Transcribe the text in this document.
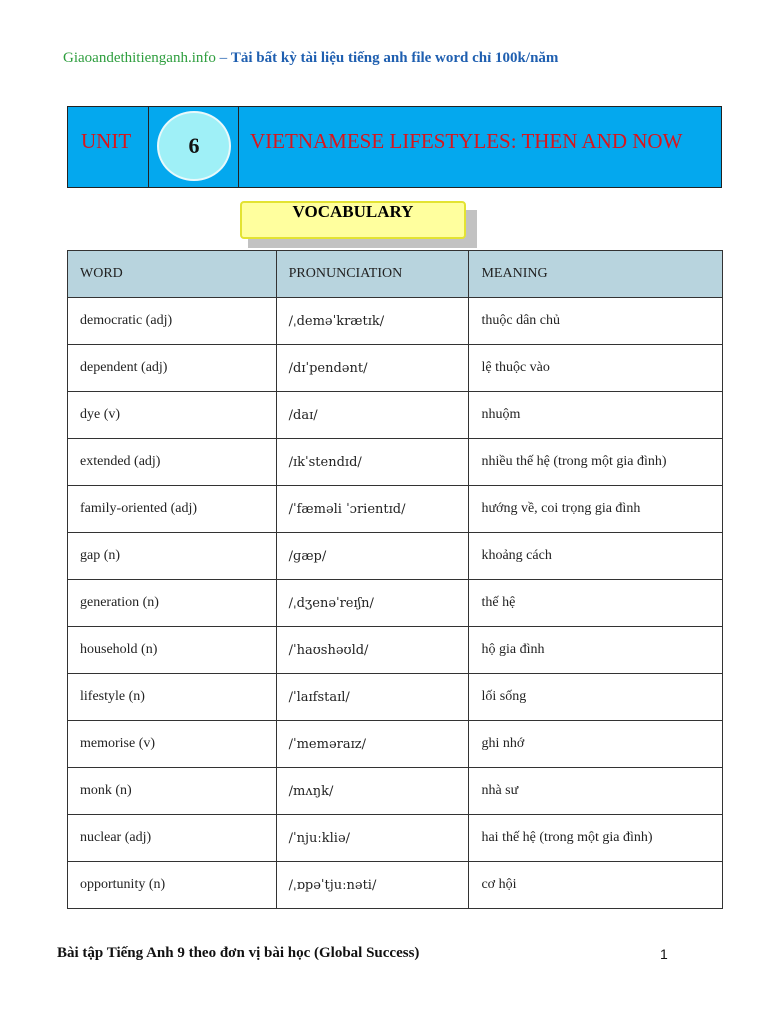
Giaoandethitienganh.info – Tải bất kỳ tài liệu tiếng anh file word chỉ 100k/năm
UNIT	6	VIETNAMESE LIFESTYLES: THEN AND NOW
VOCABULARY
WORD	PRONUNCIATION	MEANING
democratic (adj)	/ˌdeməˈkrætɪk/	thuộc dân chủ
dependent (adj)	/dɪˈpendənt/	lệ thuộc vào
dye (v)	/daɪ/	nhuộm
extended (adj)	/ɪkˈstendɪd/	nhiều thế hệ (trong một gia đình)
family-oriented (adj)	/ˈfæməli ˈɔrientɪd/	hướng về, coi trọng gia đình
gap (n)	/ɡæp/	khoảng cách
generation (n)	/ˌdʒenəˈreɪʃn/	thế hệ
household (n)	/ˈhaʊshəʊld/	hộ gia đình
lifestyle (n)	/ˈlaɪfstaɪl/	lối sống
memorise (v)	/ˈmeməraɪz/	ghi nhớ
monk (n)	/mʌŋk/	nhà sư
nuclear (adj)	/ˈnjuːkliə/	hai thế hệ (trong một gia đình)
opportunity (n)	/ˌɒpəˈtjuːnəti/	cơ hội
Bài tập Tiếng Anh 9 theo đơn vị bài học (Global Success)	1
